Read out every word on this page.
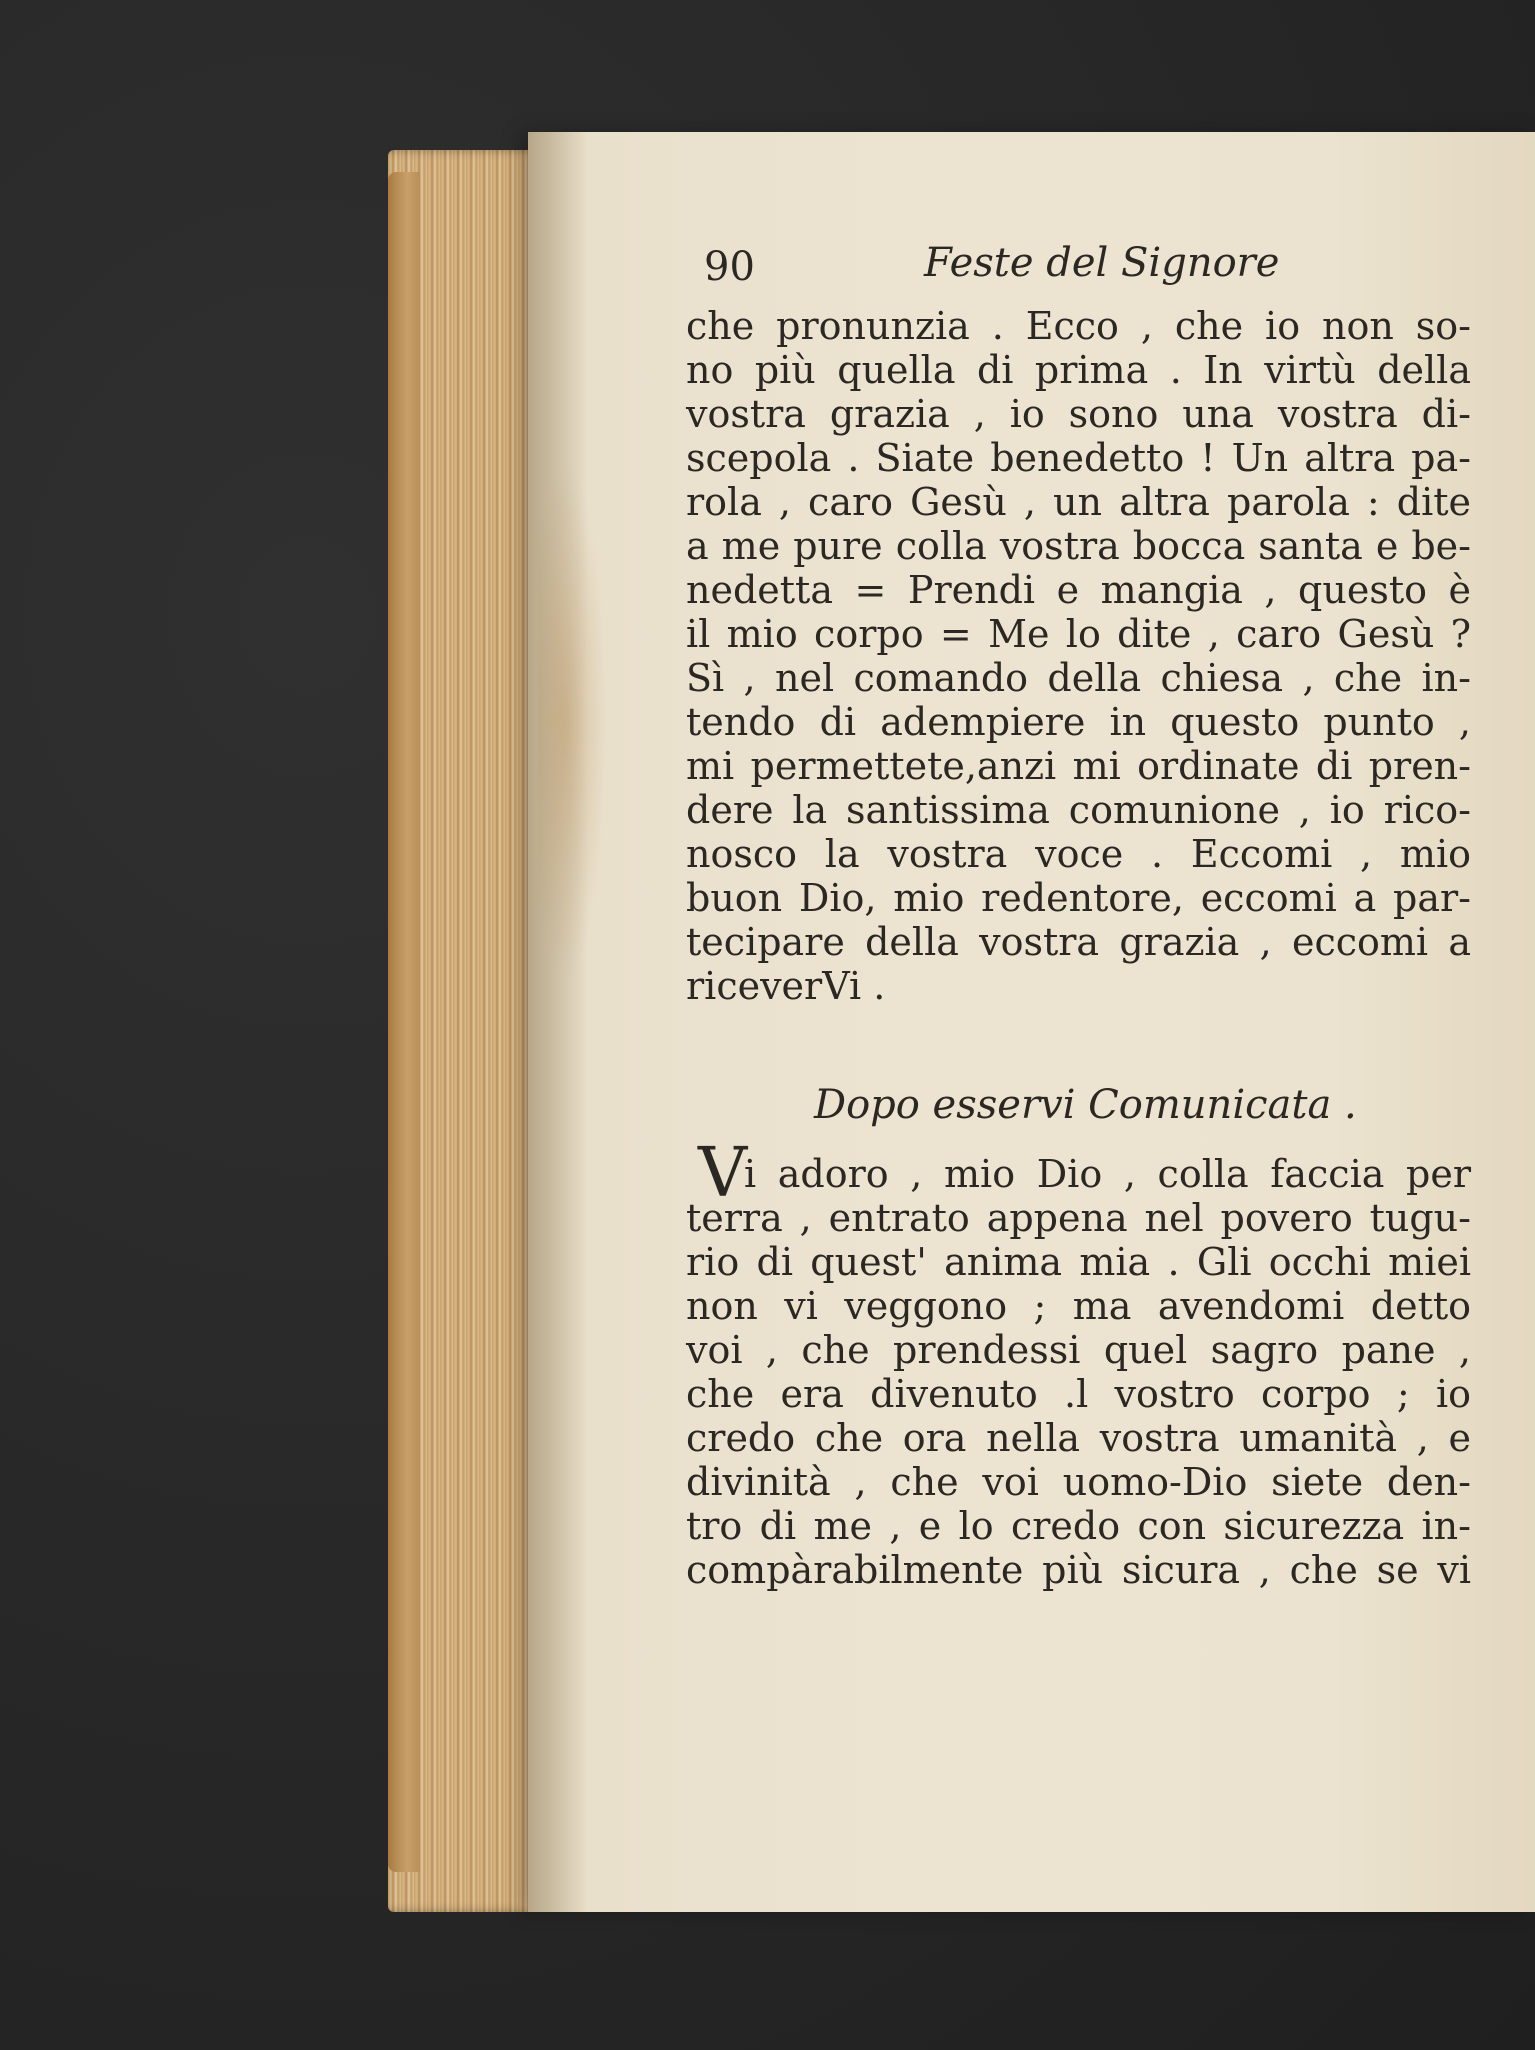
90	Feste del Signore
che pronunzia . Ecco , che io non so-
no più quella di prima . In virtù della
vostra grazia , io sono una vostra di-
scepola . Siate benedetto ! Un altra pa-
rola , caro Gesù , un altra parola : dite
a me pure colla vostra bocca santa e be-
nedetta = Prendi e mangia , questo è
il mio corpo = Me lo dite , caro Gesù ?
Sì , nel comando della chiesa , che in-
tendo di adempiere in questo punto ,
mi permettete,anzi mi ordinate di pren-
dere la santissima comunione , io rico-
nosco la vostra voce . Eccomi , mio
buon Dio, mio redentore, eccomi a par-
tecipare della vostra grazia , eccomi a
riceverVi .
Dopo esservi Comunicata .
V
i adoro , mio Dio , colla faccia per
terra , entrato appena nel povero tugu-
rio di quest' anima mia . Gli occhi miei
non vi veggono ; ma avendomi detto
voi , che prendessi quel sagro pane ,
che era divenuto .l vostro corpo ; io
credo che ora nella vostra umanità , e
divinità , che voi uomo-Dio siete den-
tro di me , e lo credo con sicurezza in-
compàrabilmente più sicura , che se vi
